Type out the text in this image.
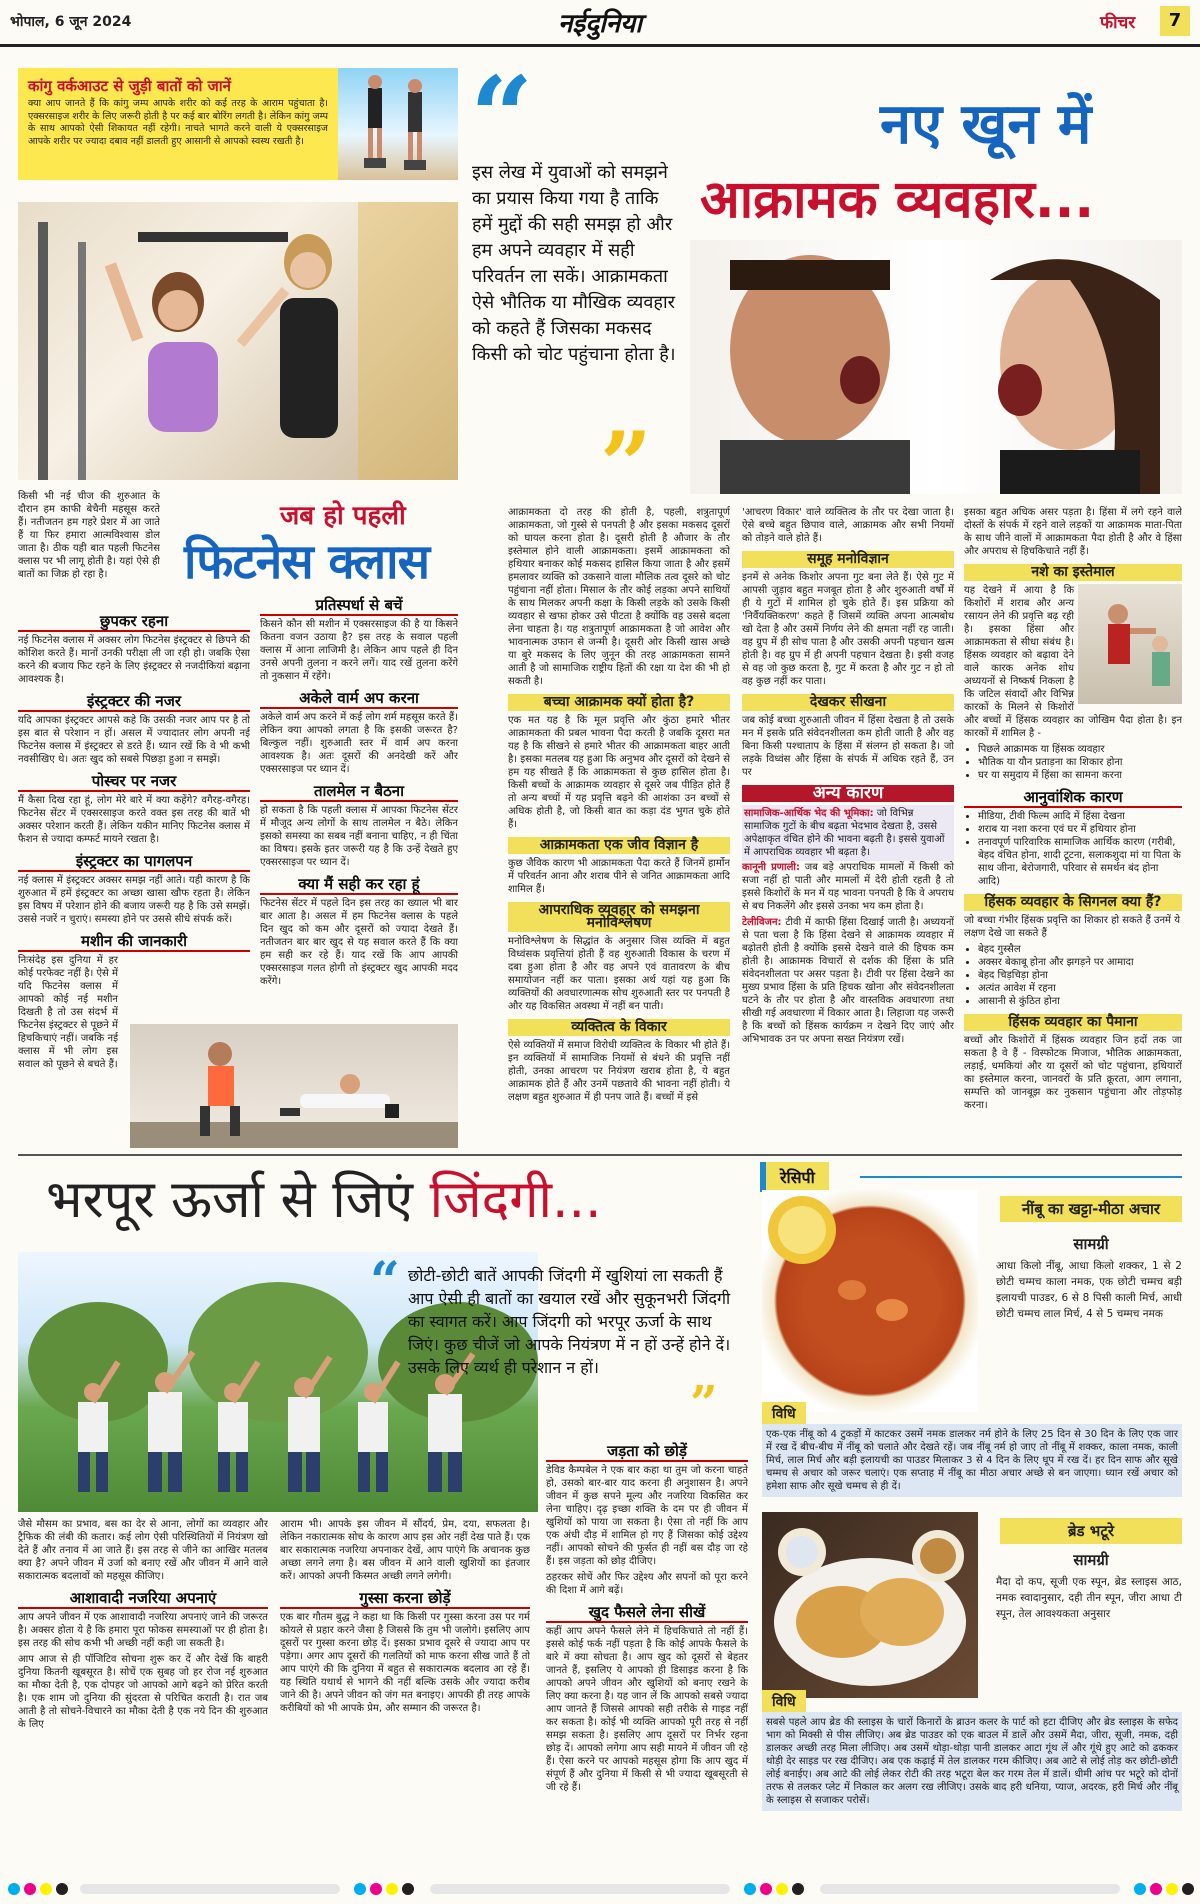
भोपाल, 6 जून 2024	नईदुनिया	फीचर	7
कांगु वर्कआउट से जुड़ी बातों को जानें
क्या आप जानते हैं कि कांगु जम्प आपके शरीर को कई तरह के आराम पहुंचाता है। एक्सरसाइज शरीर के लिए जरूरी होती है पर कई बार बोरिंग लगती है। लेकिन कांगु जम्प के साथ आपको ऐसी शिकायत नहीं रहेगी। नाचते भागते करने वाली ये एक्सरसाइज आपके शरीर पर ज्यादा दबाव नहीं डालती हुए आसानी से आपको स्वस्थ रखती है।
किसी भी नई चीज की शुरुआत के दौरान हम काफी बेचैनी महसूस करते हैं। नतीजतन हम गहरे प्रेशर में आ जाते हैं या फिर हमारा आत्मविश्वास डोल जाता है। ठीक यही बात पहली फिटनेस क्लास पर भी लागू होती है। यहां ऐसे ही बातों का जिक्र हो रहा है।
जब हो पहली
फिटनेस क्लास
छुपकर रहना

नई फिटनेस क्लास में अक्सर लोग फिटनेस इंस्ट्रक्टर से छिपने की कोशिश करते हैं। मानों उनकी परीक्षा ली जा रही हो। जबकि ऐसा करने की बजाय फिट रहने के लिए इंस्ट्रक्टर से नजदीकियां बढ़ाना आवश्यक है।

इंस्ट्रक्टर की नजर

यदि आपका इंस्ट्रक्टर आपसे कहे कि उसकी नजर आप पर है तो इस बात से परेशान न हों। असल में ज्यादातर लोग अपनी नई फिटनेस क्लास में इंस्ट्रक्टर से डरते हैं। ध्यान रखें कि वे भी कभी नवसीखिए थे। अतः खुद को सबसे पिछड़ा हुआ न समझें।

पोस्चर पर नजर

मैं कैसा दिख रहा हूं, लोग मेरे बारे में क्या कहेंगे? वगैरह-वगैरह। फिटनेस सेंटर में एक्सरसाइज करते वक्त इस तरह की बातें भी अक्सर परेशान करती हैं। लेकिन यकीन मानिए फिटनेस क्लास में फैशन से ज्यादा कम्फर्ट मायने रखता है।

इंस्ट्रक्टर का पागलपन

नई क्लास में इंस्ट्रक्टर अक्सर समझ नहीं आते। यही कारण है कि शुरुआत में हमें इंस्ट्रक्टर का अच्छा खासा खौफ रहता है। लेकिन इस विषय में परेशान होने की बजाय जरूरी यह है कि उसे समझें। उससे नजरें न चुराएं। समस्या होने पर उससे सीधे संपर्क करें।

मशीन की जानकारी

निःसंदेह इस दुनिया में हर कोई परफेक्ट नहीं है। ऐसे में यदि फिटनेस क्लास में आपको कोई नई मशीन दिखती है तो उस संदर्भ में फिटनेस इंस्ट्रक्टर से पूछने में हिचकिचाएं नहीं। जबकि नई क्लास में भी लोग इस सवाल को पूछने से बचते हैं।

प्रतिस्पर्धा से बचें

किसने कौन सी मशीन में एक्सरसाइज की है या किसने कितना वजन उठाया है? इस तरह के सवाल पहली क्लास में आना लाजिमी है। लेकिन आप पहले ही दिन उनसे अपनी तुलना न करने लगें। याद रखें तुलना करेंगे तो नुकसान में रहेंगे।

अकेले वार्म अप करना

अकेले वार्म अप करने में कई लोग शर्म महसूस करते हैं। लेकिन क्या आपको लगता है कि इसकी जरूरत है? बिल्कुल नहीं। शुरुआती स्तर में वार्म अप करना आवश्यक है। अतः दूसरों की अनदेखी करें और एक्सरसाइज पर ध्यान दें।

तालमेल न बैठना

हो सकता है कि पहली क्लास में आपका फिटनेस सेंटर में मौजूद अन्य लोगों के साथ तालमेल न बैठे। लेकिन इसको समस्या का सबब नहीं बनाना चाहिए, न ही चिंता का विषय। इसके इतर जरूरी यह है कि उन्हें देखते हुए एक्सरसाइज पर ध्यान दें।

क्या मैं सही कर रहा हूं

फिटनेस सेंटर में पहले दिन इस तरह का ख्याल भी बार बार आता है। असल में हम फिटनेस क्लास के पहले दिन खुद को कम और दूसरों को ज्यादा देखते हैं। नतीजतन बार बार खुद से यह सवाल करते हैं कि क्या हम सही कर रहे हैं। याद रखें कि आप आपकी एक्सरसाइज गलत होगी तो इंस्ट्रक्टर खुद आपकी मदद करेंगे।

“
इस लेख में युवाओं को समझने का प्रयास किया गया है ताकि हमें मुद्दों की सही समझ हो और हम अपने व्यवहार में सही परिवर्तन ला सकें। आक्रामकता ऐसे भौतिक या मौखिक व्यवहार को कहते हैं जिसका मकसद किसी को चोट पहुंचाना होता है।
”
नए खून में
आक्रामक व्यवहार...

आक्रामकता दो तरह की होती है, पहली, शत्रुतापूर्ण आक्रामकता, जो गुस्से से पनपती है और इसका मकसद दूसरों को घायल करना होता है। दूसरी होती है औजार के तौर इस्तेमाल होने वाली आक्रामकता। इसमें आक्रामकता को हथियार बनाकर कोई मकसद हासिल किया जाता है और इसमें हमलावर व्यक्ति को उकसाने वाला मौलिक तत्व दूसरे को चोट पहुंचाना नहीं होता। मिसाल के तौर कोई लड़का अपने साथियों के साथ मिलकर अपनी कक्षा के किसी लड़के को उसके किसी व्यवहार से खफा होकर उसे पीटता है क्योंकि वह उससे बदला लेना चाहता है। यह शत्रुतापूर्ण आक्रामकता है जो आवेश और भावनात्मक उफान से जन्मी है। दूसरी ओर किसी खास अच्छे या बुरे मकसद के लिए जुनून की तरह आक्रामकता सामने आती है जो सामाजिक राष्ट्रीय हितों की रक्षा या देश की भी हो सकती है।

बच्चा आक्रामक क्यों होता है?

एक मत यह है कि मूल प्रवृत्ति और कुंठा हमारे भीतर आक्रामकता की प्रबल भावना पैदा करती है जबकि दूसरा मत यह है कि सीखने से हमारे भीतर की आक्रामकता बाहर आती है। इसका मतलब यह हुआ कि अनुभव और दूसरों को देखने से हम यह सीखते हैं कि आक्रामकता से कुछ हासिल होता है। किसी बच्चों के आक्रामक व्यवहार से दूसरे जब पीड़ित होते हैं तो अन्य बच्चों में यह प्रवृत्ति बढ़ने की आशंका उन बच्चों से अधिक होती है, जो किसी बात का कड़ा दंड भुगत चुके होते हैं।

आक्रामकता एक जीव विज्ञान है

कुछ जैविक कारण भी आक्रामकता पैदा करते हैं जिनमें हार्मोन में परिवर्तन आना और शराब पीने से जनित आक्रामकता आदि शामिल हैं।

आपराधिक व्यवहार को समझना मनोविश्लेषण

मनोविश्लेषण के सिद्धांत के अनुसार जिस व्यक्ति में बहुत विध्वंसक प्रवृत्तियां होती हैं वह शुरुआती विकास के चरण में दबा हुआ होता है और वह अपने एवं वातावरण के बीच समायोजन नहीं कर पाता। इसका अर्थ यहां यह हुआ कि व्यक्तियों की अवधारणात्मक सोच शुरुआती स्तर पर पनपती है और यह विकसित अवस्था में नहीं बन पाती।

व्यक्तित्व के विकार

ऐसे व्यक्तियों में समाज विरोधी व्यक्तित्व के विकार भी होते हैं। इन व्यक्तियों में सामाजिक नियमों से बंधने की प्रवृत्ति नहीं होती, उनका आचरण पर नियंत्रण खराब होता है, ये बहुत आक्रामक होते हैं और उनमें पछतावे की भावना नहीं होती। ये लक्षण बहुत शुरुआत में ही पनप जाते हैं। बच्चों में इसे

'आचरण विकार' वाले व्यक्तित्व के तौर पर देखा जाता है। ऐसे बच्चे बहुत छिपाव वाले, आक्रामक और सभी नियमों को तोड़ने वाले होते हैं।

समूह मनोविज्ञान

इनमें से अनेक किशोर अपना गुट बना लेते हैं। ऐसे गुट में आपसी जुड़ाव बहुत मजबूत होता है और शुरुआती वर्षों में ही ये गुटों में शामिल हो चुके होते हैं। इस प्रक्रिया को 'निर्वैयक्तिकरण' कहते हैं जिसमें व्यक्ति अपना आत्मबोध खो देता है और उसमें निर्णय लेने की क्षमता नहीं रह जाती। वह ग्रुप में ही सोच पाता है और उसकी अपनी पहचान खत्म होती है। वह ग्रुप में ही अपनी पहचान देखता है। इसी वजह से वह जो कुछ करता है, गुट में करता है और गुट न हो तो वह कुछ नहीं कर पाता।

देखकर सीखना

जब कोई बच्चा शुरुआती जीवन में हिंसा देखता है तो उसके मन में इसके प्रति संवेदनशीलता कम होती जाती है और वह बिना किसी पश्चाताप के हिंसा में संलग्न हो सकता है। जो लड़के विध्वंस और हिंसा के संपर्क में अधिक रहते हैं, उन पर

अन्य कारण
सामाजिक-आर्थिक भेद की भूमिका: जो विभिन्न सामाजिक गुटों के बीच बढ़ता भेदभाव देखता है, उससे अपेक्षाकृत वंचित होने की भावना बढ़ती है। इससे युवाओं में आपराधिक व्यवहार भी बढ़ता है।

कानूनी प्रणाली: जब बड़े अपराधिक मामलों में किसी को सजा नहीं हो पाती और मामलों में देरी होती रहती है तो इससे किशोरों के मन में यह भावना पनपती है कि वे अपराध से बच निकलेंगे और इससे उनका भय कम होता है।

टेलीविजन: टीवी में काफी हिंसा दिखाई जाती है। अध्ययनों से पता चला है कि हिंसा देखने से आक्रामक व्यवहार में बढ़ोतरी होती है क्योंकि इससे देखने वाले की हिचक कम होती है। आक्रामक विचारों से दर्शक की हिंसा के प्रति संवेदनशीलता पर असर पड़ता है। टीवी पर हिंसा देखने का मुख्य प्रभाव हिंसा के प्रति हिचक खोना और संवेदनशीलता घटने के तौर पर होता है और वास्तविक अवधारणा तथा सीखी गई अवधारणा में विकार आता है। लिहाजा यह जरूरी है कि बच्चों को हिंसक कार्यक्रम न देखने दिए जाएं और अभिभावक उन पर अपना सख्त नियंत्रण रखें।

इसका बहुत अधिक असर पड़ता है। हिंसा में लगे रहने वाले दोस्तों के संपर्क में रहने वाले लड़कों या आक्रामक माता-पिता के साथ जीने वालों में आक्रामकता पैदा होती है और वे हिंसा और अपराध से हिचकिचाते नहीं हैं।

नशे का इस्तेमाल

यह देखने में आया है कि किशोरों में शराब और अन्य रसायन लेने की प्रवृत्ति बढ़ रही है। इसका हिंसा और आक्रामकता से सीधा संबंध है। हिंसक व्यवहार को बढ़ावा देने वाले कारक अनेक शोध अध्ययनों से निष्कर्ष निकला है कि जटिल संवादों और विभिन्न कारकों के मिलने से किशोरों और बच्चों में हिंसक व्यवहार का जोखिम पैदा होता है। इन कारकों में शामिल है -

• पिछले आक्रामक या हिंसक व्यवहार
• भौतिक या यौन प्रताड़ना का शिकार होना
• घर या समुदाय में हिंसा का सामना करना
आनुवांशिक कारण
• मीडिया, टीवी फिल्म आदि में हिंसा देखना
• शराब या नशा करना एवं घर में हथियार होना
• तनावपूर्ण पारिवारिक सामाजिक आर्थिक कारण (गरीबी, बेहद वंचित होना, शादी टूटना, सलाकशुदा मां या पिता के साथ जीना, बेरोजगारी, परिवार से समर्थन बंद होना आदि)
हिंसक व्यवहार के सिगनल क्या हैं?

जो बच्चा गंभीर हिंसक प्रवृत्ति का शिकार हो सकते हैं उनमें ये लक्षण देखे जा सकते हैं

• बेहद गुस्सैल
• अक्सर बेकाबू होना और झगड़ने पर आमादा
• बेहद चिड़चिड़ा होना
• अत्यंत आवेश में रहना
• आसानी से कुंठित होना
हिंसक व्यवहार का पैमाना

बच्चों और किशोरों में हिंसक व्यवहार जिन हदों तक जा सकता है वे हैं - विस्फोटक मिजाज, भौतिक आक्रामकता, लड़ाई, धमकियां और या दूसरों को चोट पहुंचाना, हथियारों का इस्तेमाल करना, जानवरों के प्रति क्रूरता, आग लगाना, सम्पत्ति को जानबूझ कर नुकसान पहुंचाना और तोड़फोड़ करना।

भरपूर ऊर्जा से जिएं जिंदगी...
“ छोटी-छोटी बातें आपकी जिंदगी में खुशियां ला सकती हैं आप ऐसी ही बातों का खयाल रखें और सुकूनभरी जिंदगी का स्वागत करें। आप जिंदगी को भरपूर ऊर्जा के साथ जिएं। कुछ चीजें जो आपके नियंत्रण में न हों उन्हें होने दें। उसके लिए व्यर्थ ही परेशान न हों।
”

जैसे मौसम का प्रभाव, बस का देर से आना, लोगों का व्यवहार और ट्रैफिक की लंबी की कतार। कई लोग ऐसी परिस्थितियों में नियंत्रण खो देते हैं और तनाव में आ जाते हैं। इस तरह से जीने का आखिर मतलब क्या है? अपने जीवन में उर्जा को बनाए रखें और जीवन में आने वाले सकारात्मक बदलावों को महसूस कीजिए।

आशावादी नजरिया अपनाएं

आप अपने जीवन में एक आशावादी नजरिया अपनाएं जाने की जरूरत है। अक्सर होता ये है कि हमारा पूरा फोकस समस्याओं पर ही होता है। इस तरह की सोच कभी भी अच्छी नहीं कही जा सकती है।

आप आज से ही पॉजिटिव सोचना शुरू कर दें और देखें कि बाहरी दुनिया कितनी खूबसूरत है। सोचें एक सुबह जो हर रोज नई शुरुआत का मौका देती है, एक दोपहर जो आपको आगे बढ़ने को प्रेरित करती है। एक शाम जो दुनिया की सुंदरता से परिचित कराती है। रात जब आती है तो सोचने-विचारने का मौका देती है एक नये दिन की शुरुआत के लिए

आराम भी। आपके इस जीवन में सौंदर्य, प्रेम, दया, सफलता है। लेकिन नकारात्मक सोच के कारण आप इस ओर नहीं देख पाते हैं। एक बार सकारात्मक नजरिया अपनाकर देखें, आप पाएंगे कि अचानक कुछ अच्छा लगने लगा है। बस जीवन में आने वाली खुशियों का इंतजार करें। आपको अपनी किस्मत अच्छी लगने लगेगी।

गुस्सा करना छोड़ें

एक बार गौतम बुद्ध ने कहा था कि किसी पर गुस्सा करना उस पर गर्म कोयले से प्रहार करने जैसा है जिससे कि तुम भी जलोगे। इसलिए आप दूसरों पर गुस्सा करना छोड़ दें। इसका प्रभाव दूसरे से ज्यादा आप पर पड़ेगा। अगर आप दूसरों की गलतियों को माफ करना सीख जाते हैं तो आप पाएंगे की कि दुनिया में बहुत से सकारात्मक बदलाव आ रहे हैं। यह स्थिति यथार्थ से भागने की नहीं बल्कि उसके और ज्यादा करीब जाने की है। अपने जीवन को जंग मत बनाइए। आपकी ही तरह आपके करीबियों को भी आपके प्रेम, और सम्मान की जरूरत है।

जड़ता को छोड़ें

डेविड कैम्पबेल ने एक बार कहा था तुम जो करना चाहते हो, उसको बार-बार याद करना ही अनुशासन है। अपने जीवन में कुछ सपने मूल्य और नजरिया विकसित कर लेना चाहिए। दृढ़ इच्छा शक्ति के दम पर ही जीवन में खुशियों को पाया जा सकता है। ऐसा तो नहीं कि आप एक अंधी दौड़ में शामिल हो गए हैं जिसका कोई उद्देश्य नहीं। आपको सोचने की फुर्सत ही नहीं बस दौड़ जा रहे हैं। इस जड़ता को छोड़ दीजिए।

ठहरकर सोचें और फिर उद्देश्य और सपनों को पूरा करने की दिशा में आगे बढ़ें।

खुद फैसले लेना सीखें

कहीं आप अपने फैसले लेने में हिचकिचाते तो नहीं हैं। इससे कोई फर्क नहीं पड़ता है कि कोई आपके फैसले के बारे में क्या सोचता है। आप खुद को दूसरों से बेहतर जानते हैं, इसलिए ये आपको ही डिसाइड करना है कि आपको अपने जीवन और खुशियों को बनाए रखने के लिए क्या करना है। यह जान लें कि आपको सबसे ज्यादा आप जानते हैं जिससे आपको सही तरीके से गाइड नहीं कर सकता है। कोई भी व्यक्ति आपको पूरी तरह से नहीं समझ सकता है। इसलिए आप दूसरों पर निर्भर रहना छोड़ दें। आपको लगेगा आप सही मायने में जीवन जी रहे हैं। ऐसा करने पर आपको महसूस होगा कि आप खुद में संपूर्ण हैं और दुनिया में किसी से भी ज्यादा खूबसूरती से जी रहे हैं।

रेसिपी
नींबू का खट्टा-मीठा अचार
सामग्री
आधा किलो नींबू, आधा किलो शक्कर, 1 से 2 छोटी चम्मच काला नमक, एक छोटी चम्मच बड़ी इलायची पाउडर, 6 से 8 पिसी काली मिर्च, आधी छोटी चम्मच लाल मिर्च, 4 से 5 चम्मच नमक
विधि
एक-एक नींबू को 4 टुकड़ों में काटकर उसमें नमक डालकर नर्म होने के लिए 25 दिन से 30 दिन के लिए एक जार में रख दें बीच-बीच में नींबू को चलाते और देखते रहें। जब नींबू नर्म हो जाए तो नींबू में शक्कर, काला नमक, काली मिर्च, लाल मिर्च और बड़ी इलायची का पाउडर मिलाकर 3 से 4 दिन के लिए धूप में रख दें। हर दिन साफ और सूखे चम्मच से अचार को जरूर चलाएं। एक सप्ताह में नींबू का मीठा अचार अच्छे से बन जाएगा। ध्यान रखें अचार को हमेशा साफ और सूखे चम्मच से ही दें।
ब्रेड भटूरे
सामग्री
मैदा दो कप, सूजी एक स्पून, ब्रेड स्लाइस आठ, नमक स्वादानुसार, दही तीन स्पून, जीरा आधा टी स्पून, तेल आवश्यकता अनुसार
विधि
सबसे पहले आप ब्रेड की स्लाइस के चारों किनारों के ब्राउन कलर के पार्ट को हटा दीजिए और ब्रेड स्लाइस के सफेद भाग को मिक्सी से पीस लीजिए। अब ब्रेड पाउडर को एक बाउल में डालें और उसमें मैदा, जीरा, सूजी, नमक, दही डालकर अच्छी तरह मिला लीजिए। अब उसमें थोड़ा-थोड़ा पानी डालकर आटा गूंथ लें और गूंथे हुए आटे को ढककर थोड़ी देर साइड पर रख दीजिए। अब एक कढ़ाई में तेल डालकर गरम कीजिए। अब आटे से लोई तोड़ कर छोटी-छोटी लोई बनाईए। अब आटे की लोई लेकर रोटी की तरह भटूरा बेल कर गरम तेल में डालें। धीमी आंच पर भटूरे को दोनों तरफ से तलकर प्लेट में निकाल कर अलग रख लीजिए। उसके बाद हरी धनिया, प्याज, अदरक, हरी मिर्च और नींबू के स्लाइस से सजाकर परोसें।
